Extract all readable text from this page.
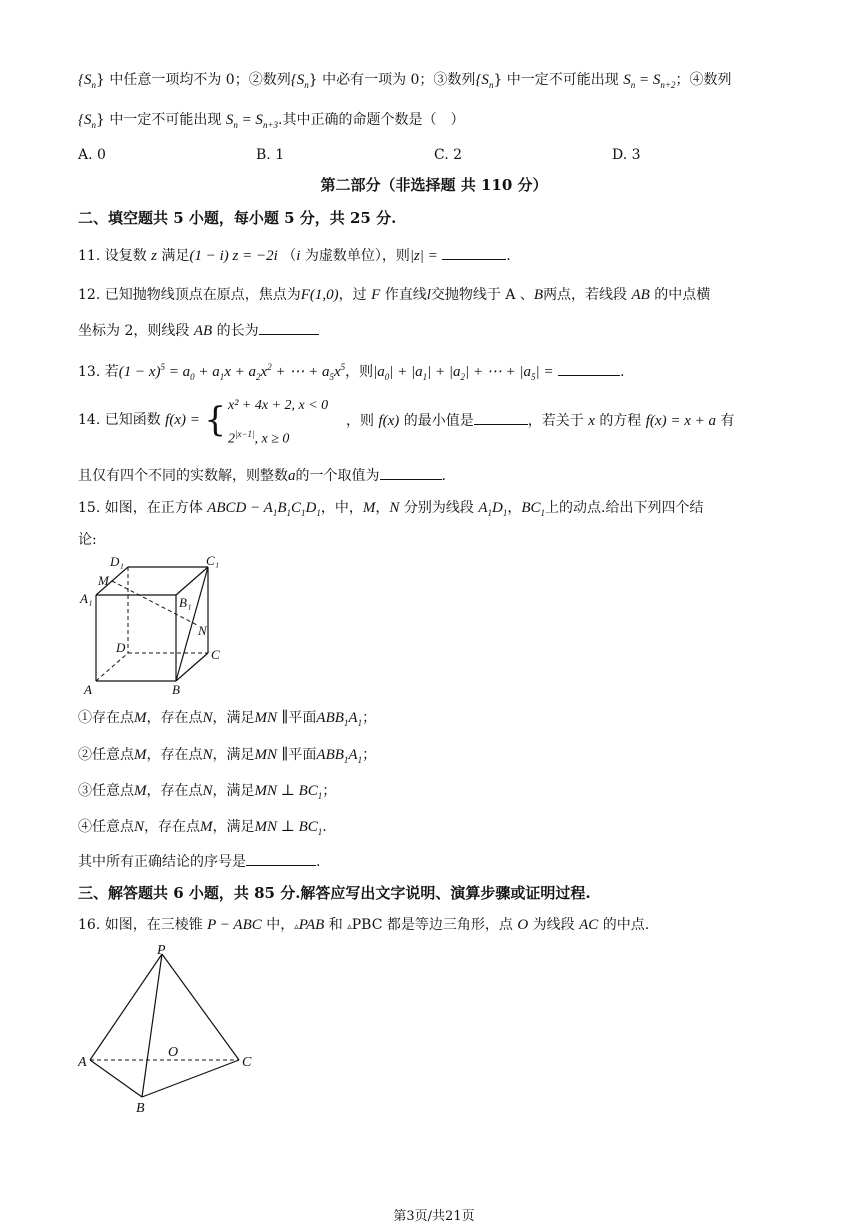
$\{S_n\}$ 中任意一项均不为 0；②数列$\{S_n\}$ 中必有一项为 0；③数列$\{S_n\}$ 中一定不可能出现 $S_n = S_{n+2}$；④数列
$\{S_n\}$ 中一定不可能出现 $S_n = S_{n+3}$.其中正确的命题个数是（　）
A. 0	B. 1	C. 2	D. 3
第二部分（非选择题 共 110 分）
二、填空题共 5 小题，每小题 5 分，共 25 分.
11. 设复数 z 满足(1 − i) z = −2i （i 为虚数单位），则|z| =	.
12. 已知抛物线顶点在原点，焦点为F(1,0)，过 F 作直线l交抛物线于 A 、B两点，若线段 AB 的中点横
坐标为 2，则线段 AB 的长为
13. 若$(1 - x)^5 = a_0 + a_1x + a_2x^2$ + ⋯ + $a_5x^5$，则$|a_0| + |a_1| + |a_2|$ + ⋯ + $|a_5|$ =	.
14. 已知函数 f(x) = { x² + 4x + 2, x < 0
$2^{|x-1|}$, x ≥ 0
，则 f(x) 的最小值是	，若关于 x 的方程 f(x) = x + a 有
且仅有四个不同的实数解，则整数a的一个取值为	.
15. 如图，在正方体 ABCD − $A_1B_1C_1D_1$，中，M，N 分别为线段 $A_1D_1$，$BC_1$上的动点.给出下列四个结
论:
D₁	C₁
M
A₁	B₁
N
D	C
A	B
①存在点M，存在点N，满足MN ∥平面$ABB_1A_1$；
②任意点M，存在点N，满足MN ∥平面$ABB_1A_1$；
③任意点M，存在点N，满足MN ⊥ $BC_1$；
④任意点N，存在点M，满足MN ⊥ $BC_1$.
其中所有正确结论的序号是	.
三、解答题共 6 小题，共 85 分.解答应写出文字说明、演算步骤或证明过程.
16. 如图，在三棱锥 P − ABC 中，▵PAB 和 ▵PBC 都是等边三角形，点 O 为线段 AC 的中点.
P
A
O
C
B
第3页/共21页
